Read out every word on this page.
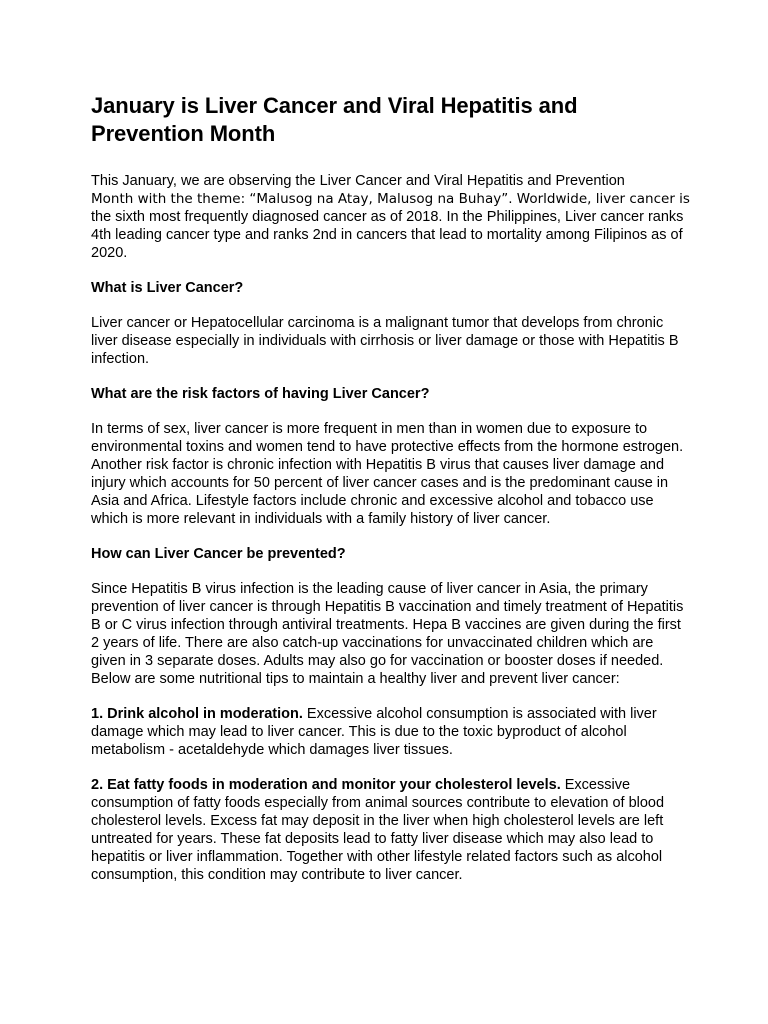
January is Liver Cancer and Viral Hepatitis and Prevention Month

This January, we are observing the Liver Cancer and Viral Hepatitis and Prevention
Month with the theme: “Malusog na Atay, Malusog na Buhay”. Worldwide, liver cancer is the sixth most frequently diagnosed cancer as of 2018. In the Philippines, Liver cancer ranks 4th leading cancer type and ranks 2nd in cancers that lead to mortality among Filipinos as of 2020.

What is Liver Cancer?

Liver cancer or Hepatocellular carcinoma is a malignant tumor that develops from chronic liver disease especially in individuals with cirrhosis or liver damage or those with Hepatitis B infection.

What are the risk factors of having Liver Cancer?

In terms of sex, liver cancer is more frequent in men than in women due to exposure to environmental toxins and women tend to have protective effects from the hormone estrogen. Another risk factor is chronic infection with Hepatitis B virus that causes liver damage and injury which accounts for 50 percent of liver cancer cases and is the predominant cause in Asia and Africa. Lifestyle factors include chronic and excessive alcohol and tobacco use which is more relevant in individuals with a family history of liver cancer.

How can Liver Cancer be prevented?

Since Hepatitis B virus infection is the leading cause of liver cancer in Asia, the primary prevention of liver cancer is through Hepatitis B vaccination and timely treatment of Hepatitis B or C virus infection through antiviral treatments. Hepa B vaccines are given during the first 2 years of life. There are also catch-up vaccinations for unvaccinated children which are given in 3 separate doses. Adults may also go for vaccination or booster doses if needed. Below are some nutritional tips to maintain a healthy liver and prevent liver cancer:

1. Drink alcohol in moderation. Excessive alcohol consumption is associated with liver damage which may lead to liver cancer. This is due to the toxic byproduct of alcohol metabolism - acetaldehyde which damages liver tissues.

2. Eat fatty foods in moderation and monitor your cholesterol levels. Excessive consumption of fatty foods especially from animal sources contribute to elevation of blood cholesterol levels. Excess fat may deposit in the liver when high cholesterol levels are left untreated for years. These fat deposits lead to fatty liver disease which may also lead to hepatitis or liver inflammation. Together with other lifestyle related factors such as alcohol consumption, this condition may contribute to liver cancer.
